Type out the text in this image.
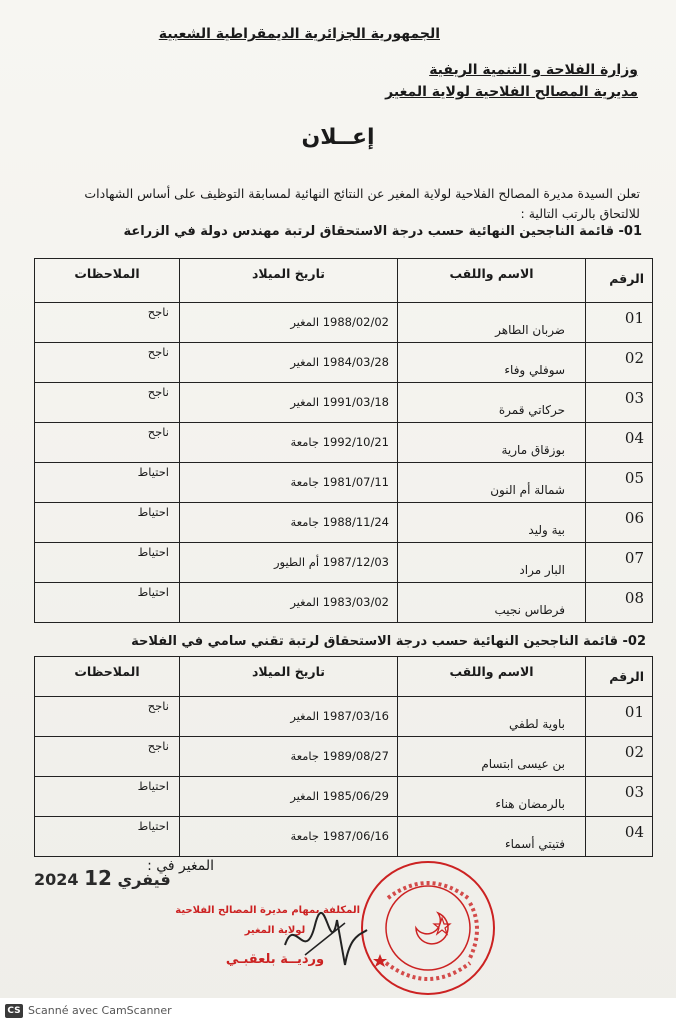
الجمهورية الجزائرية الديمقراطية الشعبية
وزارة الفلاحة و التنمية الريفية
مديرية المصالح الفلاحية لولاية المغير
إعــلان
تعلن السيدة مديرة المصالح الفلاحية لولاية المغير عن النتائج النهائية لمسابقة التوظيف على أساس الشهادات
للالتحاق بالرتب التالية :
01- قائمة الناجحين النهائية حسب درجة الاستحقاق لرتبة مهندس دولة في الزراعة
الرقم	الاسم واللقب	تاريخ الميلاد	الملاحظات

01	ضربان الطاهر	1988/02/02 المغير	ناجح

02	سوفلي وفاء	1984/03/28 المغير	ناجح

03	حركاتي قمرة	1991/03/18 المغير	ناجح

04	بوزقاق مارية	1992/10/21 جامعة	ناجح

05	شمالة أم النون	1981/07/11 جامعة	احتياط

06	بية وليد	1988/11/24 جامعة	احتياط

07	البار مراد	1987/12/03 أم الطيور	احتياط

08	فرطاس نجيب	1983/03/02 المغير	احتياط
02- قائمة الناجحين النهائية حسب درجة الاستحقاق لرتبة تقني سامي في الفلاحة
الرقم	الاسم واللقب	تاريخ الميلاد	الملاحظات

01	باوية لطفي	1987/03/16 المغير	ناجح

02	بن عيسى ابتسام	1989/08/27 جامعة	ناجح

03	بالرمضان هناء	1985/06/29 المغير	احتياط

04	فتيتي أسماء	1987/06/16 جامعة	احتياط
المغير في :
2024 فيفري 12
المكلفة بمهام مديرة المصالح الفلاحية
لولاية المغير
ورديــة بلعقبـي
CS Scanné avec CamScanner
